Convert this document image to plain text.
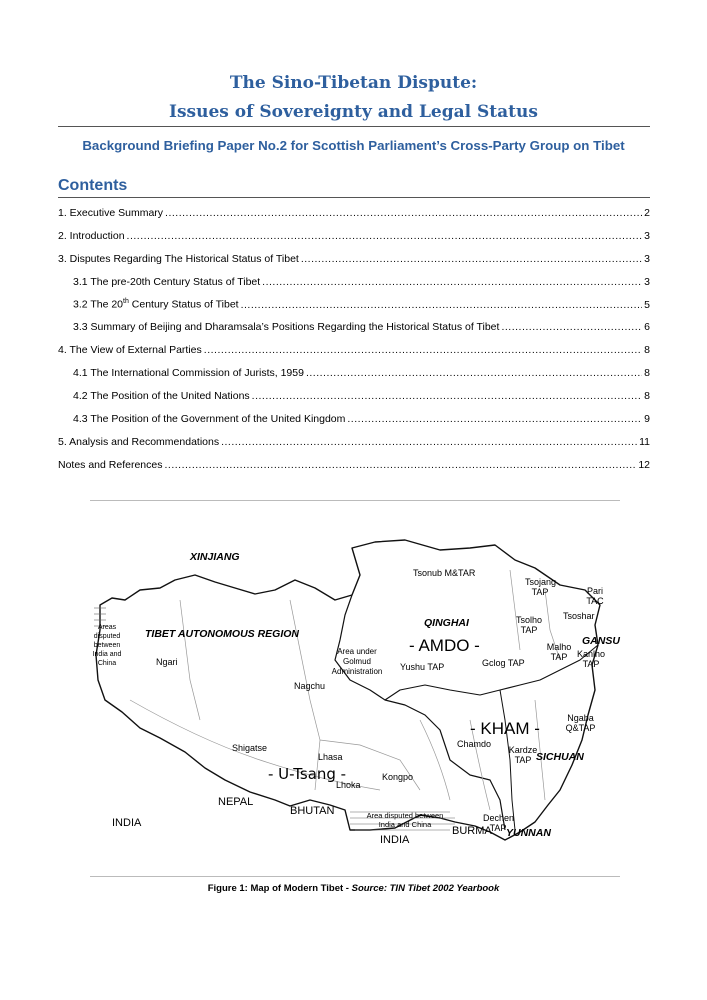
The Sino-Tibetan Dispute:
Issues of Sovereignty and Legal Status
Background Briefing Paper No.2 for Scottish Parliament’s Cross-Party Group on Tibet
Contents
1. Executive Summary .....	2
2. Introduction .....	3
3. Disputes Regarding The Historical Status of Tibet .....	3
3.1 The pre-20th Century Status of Tibet .....	3
3.2 The 20th Century Status of Tibet .....	5
3.3 Summary of Beijing and Dharamsala’s Positions Regarding the Historical Status of Tibet .....	6
4. The View of External Parties .....	8
4.1 The International Commission of Jurists, 1959 .....	8
4.2 The Position of the United Nations .....	8
4.3 The Position of the Government of the United Kingdom .....	9
5. Analysis and Recommendations .....	11
Notes and References .....	12
XINJIANG
Tsonub M&TAR
Tsojang TAP	Pari TAC
Tsoshar
QINGHAI
- AMDO -
Tsolho TAP
GANSU
Malho TAP	Kanlho TAP
TIBET AUTONOMOUS REGION
Areas disputed between India and China	Ngari
Area under Golmud Administration	Yushu TAP	Gclog TAP
Nagchu
Ngaba Q&TAP
- KHAM -
Chamdo
Kardze TAP SICHUAN
Shigatse
Lhasa
- U-Tsang -	Kongpo
Lhoka
NEPAL
BHUTAN	Area disputed between India and China
INDIA	Dechen TAP
BURMA YUNNAN
INDIA
Figure 1: Map of Modern Tibet - Source: TIN Tibet 2002 Yearbook
